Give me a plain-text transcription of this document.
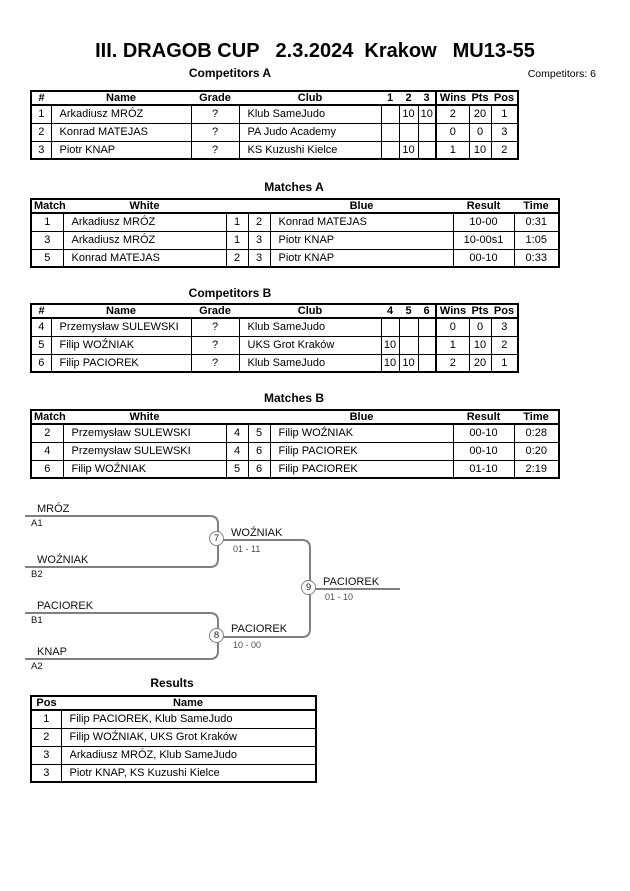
III. DRAGOB CUP 2.3.2024 Krakow MU13-55
Competitors A	Competitors: 6
#	Name	Grade	Club	1	2	3	Wins	Pts	Pos
1	Arkadiusz MRÓZ	?	Klub SameJudo		10	10	2	20	1
2	Konrad MATEJAS	?	PA Judo Academy				0	0	3
3	Piotr KNAP	?	KS Kuzushi Kielce		10		1	10	2
Matches A
Match	White			Blue	Result	Time
1	Arkadiusz MRÓZ	1	2	Konrad MATEJAS	10-00	0:31
3	Arkadiusz MRÓZ	1	3	Piotr KNAP	10-00s1	1:05
5	Konrad MATEJAS	2	3	Piotr KNAP	00-10	0:33
Competitors B
#	Name	Grade	Club	4	5	6	Wins	Pts	Pos
4	Przemysław SULEWSKI	?	Klub SameJudo				0	0	3
5	Filip WOŹNIAK	?	UKS Grot Kraków	10			1	10	2
6	Filip PACIOREK	?	Klub SameJudo	10	10		2	20	1
Matches B
Match	White			Blue	Result	Time
2	Przemysław SULEWSKI	4	5	Filip WOŹNIAK	00-10	0:28
4	Przemysław SULEWSKI	4	6	Filip PACIOREK	00-10	0:20
6	Filip WOŹNIAK	5	6	Filip PACIOREK	01-10	2:19
MRÓZ
A1
WOŹNIAK
B2
PACIOREK
B1
KNAP
A2
7
8
9
WOŹNIAK
01 - 11
PACIOREK
10 - 00
PACIOREK
01 - 10
Results
Pos	Name
1	Filip PACIOREK, Klub SameJudo
2	Filip WOŹNIAK, UKS Grot Kraków
3	Arkadiusz MRÓZ, Klub SameJudo
3	Piotr KNAP, KS Kuzushi Kielce
